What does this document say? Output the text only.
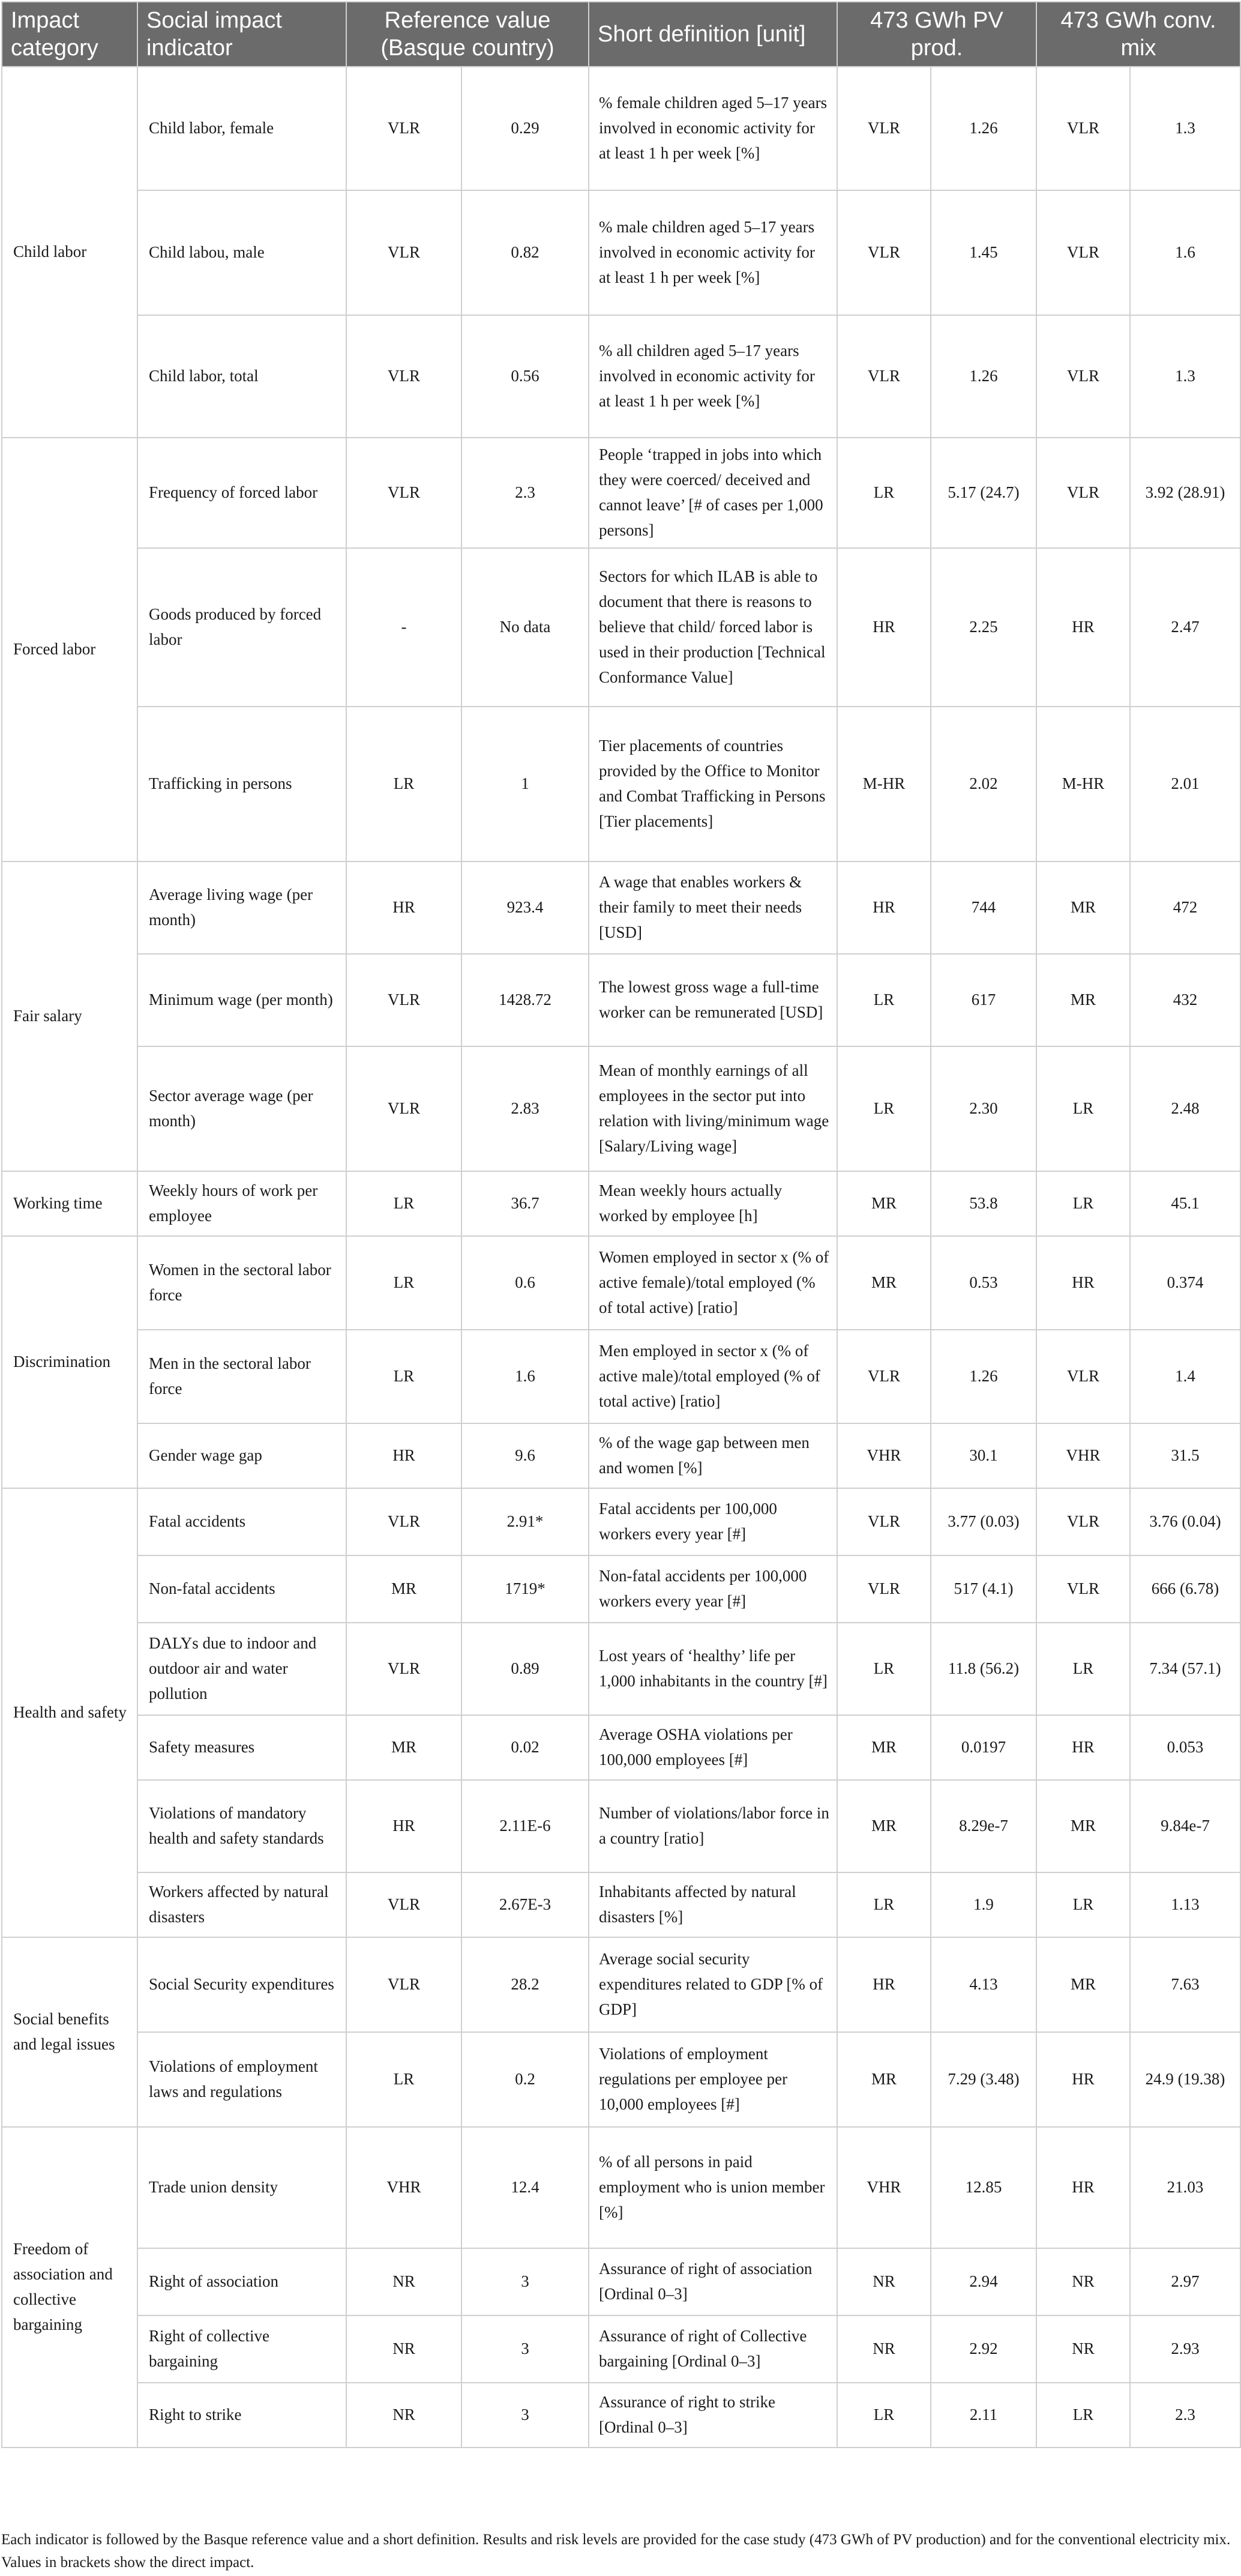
Impact category	Social impact indicator	Reference value (Basque country)		Short definition [unit]	473 GWh PV prod.		473 GWh conv. mix	
Child labor	Child labor, female	VLR	0.29	% female children aged 5–17 years involved in economic activity for at least 1 h per week [%]	VLR	1.26	VLR	1.3
	Child labou, male	VLR	0.82	% male children aged 5–17 years involved in economic activity for at least 1 h per week [%]	VLR	1.45	VLR	1.6
	Child labor, total	VLR	0.56	% all children aged 5–17 years involved in economic activity for at least 1 h per week [%]	VLR	1.26	VLR	1.3
Forced labor	Frequency of forced labor	VLR	2.3	People ‘trapped in jobs into which they were coerced/ deceived and cannot leave’ [# of cases per 1,000 persons]	LR	5.17 (24.7)	VLR	3.92 (28.91)
	Goods produced by forced labor	-	No data	Sectors for which ILAB is able to document that there is reasons to believe that child/ forced labor is used in their production [Technical Conformance Value]	HR	2.25	HR	2.47
	Trafficking in persons	LR	1	Tier placements of countries provided by the Office to Monitor and Combat Trafficking in Persons [Tier placements]	M-HR	2.02	M-HR	2.01
Fair salary	Average living wage (per month)	HR	923.4	A wage that enables workers & their family to meet their needs [USD]	HR	744	MR	472
	Minimum wage (per month)	VLR	1428.72	The lowest gross wage a full-time worker can be remunerated [USD]	LR	617	MR	432
	Sector average wage (per month)	VLR	2.83	Mean of monthly earnings of all employees in the sector put into relation with living/minimum wage [Salary/Living wage]	LR	2.30	LR	2.48
Working time	Weekly hours of work per employee	LR	36.7	Mean weekly hours actually worked by employee [h]	MR	53.8	LR	45.1
Discrimination	Women in the sectoral labor force	LR	0.6	Women employed in sector x (% of active female)/total employed (% of total active) [ratio]	MR	0.53	HR	0.374
	Men in the sectoral labor force	LR	1.6	Men employed in sector x (% of active male)/total employed (% of total active) [ratio]	VLR	1.26	VLR	1.4
	Gender wage gap	HR	9.6	% of the wage gap between men and women [%]	VHR	30.1	VHR	31.5
Health and safety	Fatal accidents	VLR	2.91*	Fatal accidents per 100,000 workers every year [#]	VLR	3.77 (0.03)	VLR	3.76 (0.04)
	Non-fatal accidents	MR	1719*	Non-fatal accidents per 100,000 workers every year [#]	VLR	517 (4.1)	VLR	666 (6.78)
	DALYs due to indoor and outdoor air and water pollution	VLR	0.89	Lost years of ‘healthy’ life per 1,000 inhabitants in the country [#]	LR	11.8 (56.2)	LR	7.34 (57.1)
	Safety measures	MR	0.02	Average OSHA violations per 100,000 employees [#]	MR	0.0197	HR	0.053
	Violations of mandatory health and safety standards	HR	2.11E-6	Number of violations/labor force in a country [ratio]	MR	8.29e-7	MR	9.84e-7
	Workers affected by natural disasters	VLR	2.67E-3	Inhabitants affected by natural disasters [%]	LR	1.9	LR	1.13
Social benefits and legal issues	Social Security expenditures	VLR	28.2	Average social security expenditures related to GDP [% of GDP]	HR	4.13	MR	7.63
	Violations of employment laws and regulations	LR	0.2	Violations of employment regulations per employee per 10,000 employees [#]	MR	7.29 (3.48)	HR	24.9 (19.38)
Freedom of association and collective bargaining	Trade union density	VHR	12.4	% of all persons in paid employment who is union member [%]	VHR	12.85	HR	21.03
	Right of association	NR	3	Assurance of right of association [Ordinal 0–3]	NR	2.94	NR	2.97
	Right of collective bargaining	NR	3	Assurance of right of Collective bargaining [Ordinal 0–3]	NR	2.92	NR	2.93
	Right to strike	NR	3	Assurance of right to strike [Ordinal 0–3]	LR	2.11	LR	2.3
Each indicator is followed by the Basque reference value and a short definition. Results and risk levels are provided for the case study (473 GWh of PV production) and for the conventional electricity mix. Values in brackets show the direct impact.
